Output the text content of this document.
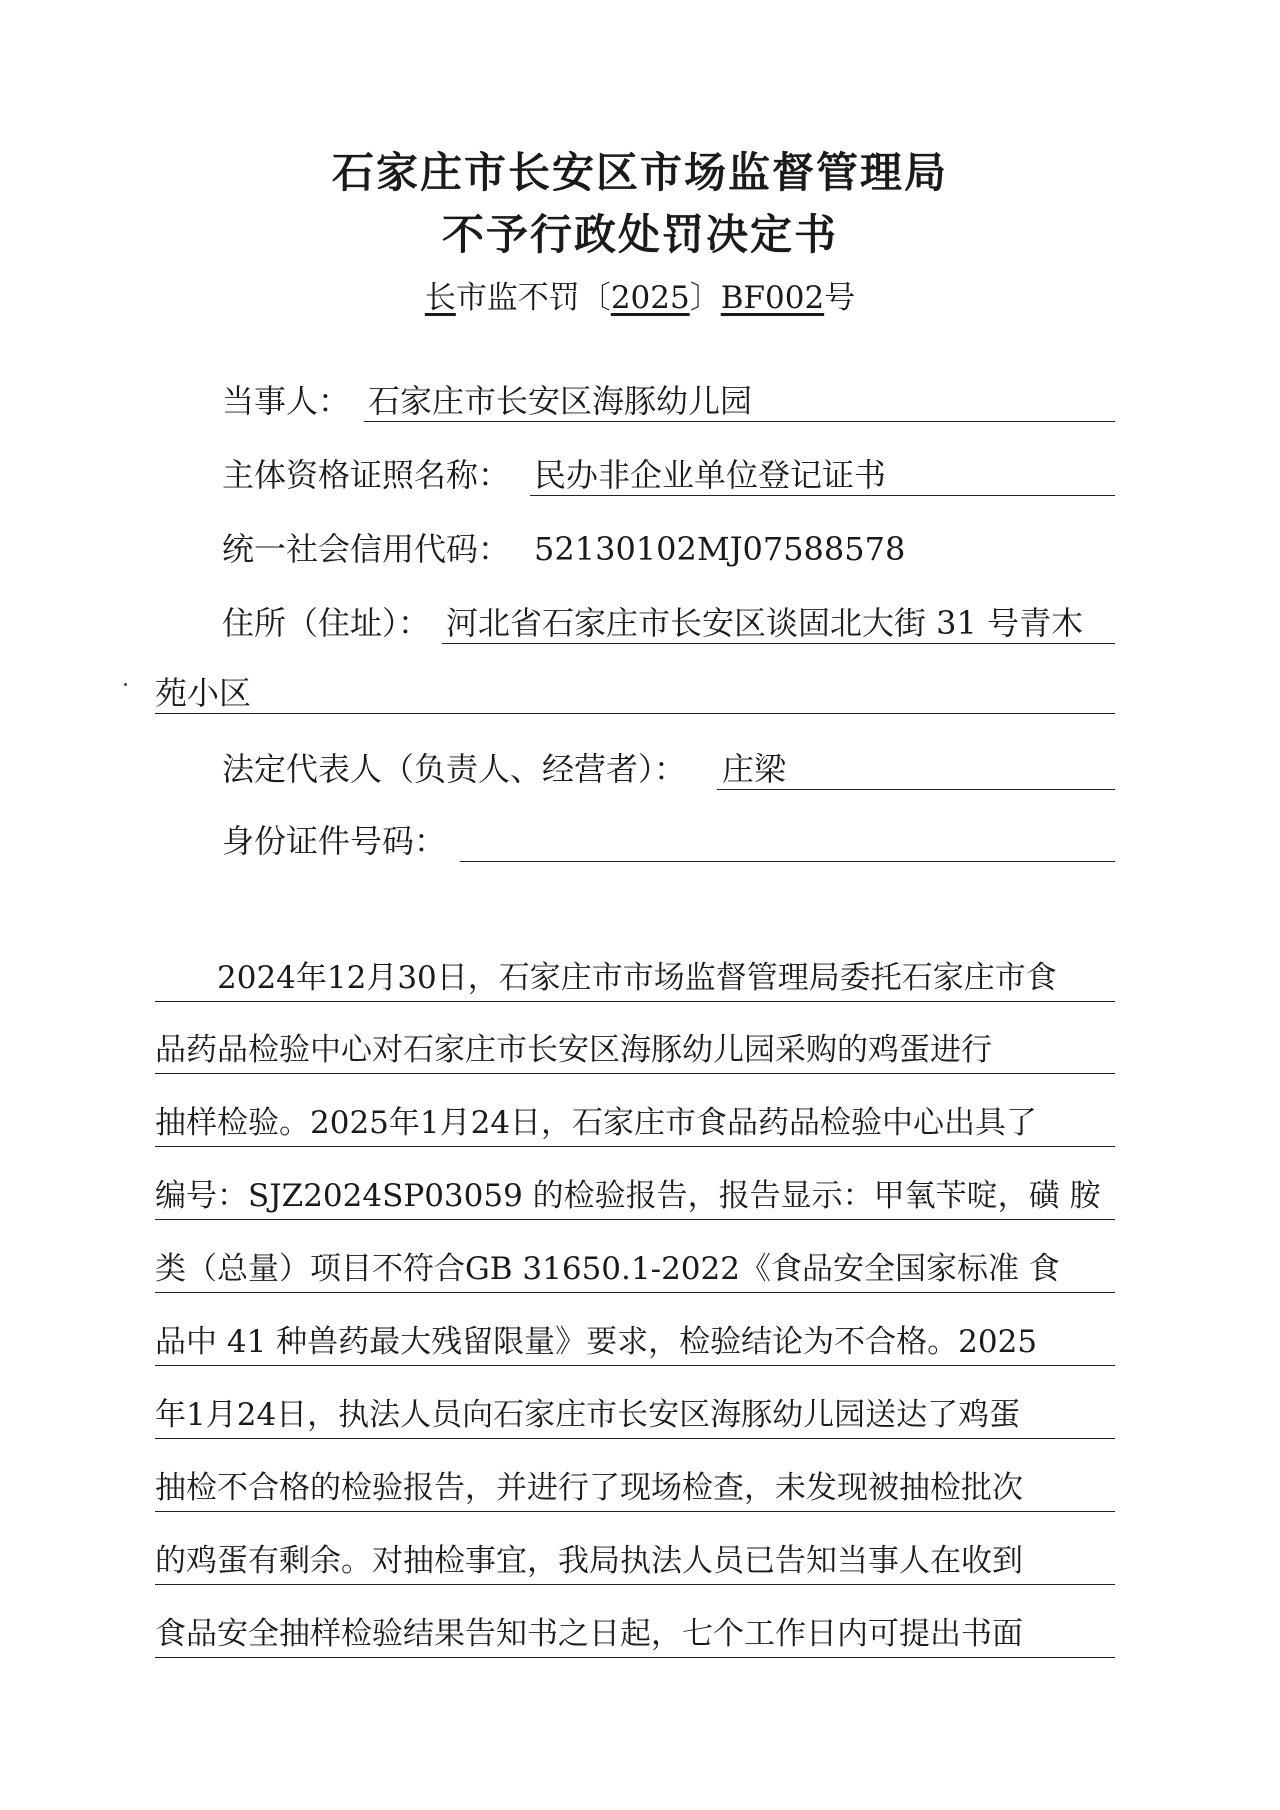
石家庄市长安区市场监督管理局
不予行政处罚决定书
长市监不罚〔2025〕BF002号
当事人： 石家庄市长安区海豚幼儿园
主体资格证照名称： 民办非企业单位登记证书
统一社会信用代码： 52130102MJ07588578
住所（住址）： 河北省石家庄市长安区谈固北大街 31 号青木
苑小区
法定代表人（负责人、经营者）： 庄梁
身份证件号码：
　　2024年12月30日，石家庄市市场监督管理局委托石家庄市食
品药品检验中心对石家庄市长安区海豚幼儿园采购的鸡蛋进行
抽样检验。2025年1月24日，石家庄市食品药品检验中心出具了
编号：SJZ2024SP03059 的检验报告，报告显示：甲氧苄啶，磺 胺
类（总量）项目不符合GB 31650.1-2022《食品安全国家标准 食
品中 41 种兽药最大残留限量》要求，检验结论为不合格。2025
年1月24日，执法人员向石家庄市长安区海豚幼儿园送达了鸡蛋
抽检不合格的检验报告，并进行了现场检查，未发现被抽检批次
的鸡蛋有剩余。对抽检事宜，我局执法人员已告知当事人在收到
食品安全抽样检验结果告知书之日起，七个工作日内可提出书面
